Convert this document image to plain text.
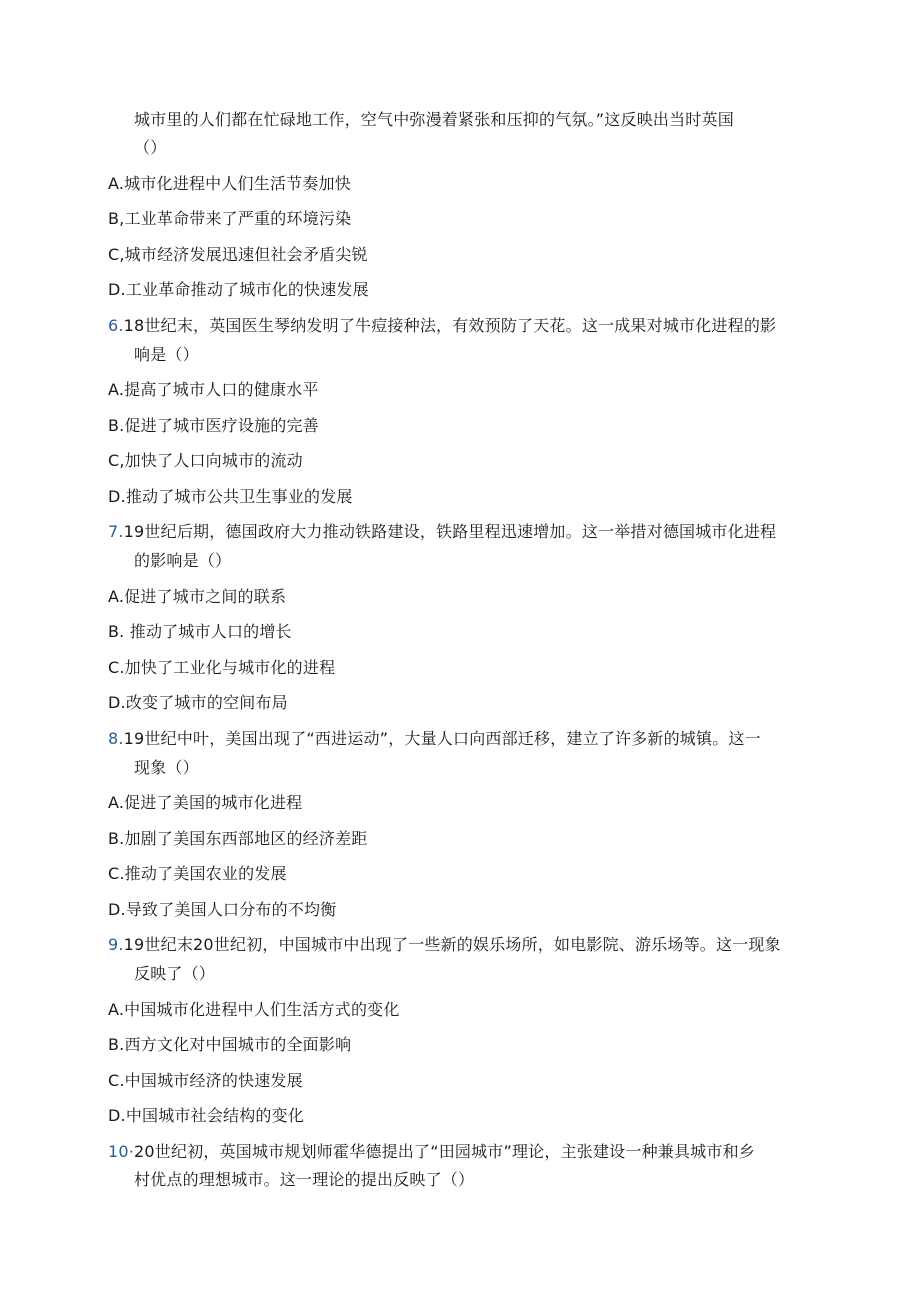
城市里的人们都在忙碌地工作，空气中弥漫着紧张和压抑的气氛。”这反映出当时英国
（）
A.城市化进程中人们生活节奏加快
B,工业革命带来了严重的环境污染
C,城市经济发展迅速但社会矛盾尖锐
D.工业革命推动了城市化的快速发展
6.18世纪末，英国医生琴纳发明了牛痘接种法，有效预防了天花。这一成果对城市化进程的影
响是（）
A.提高了城市人口的健康水平
B.促进了城市医疗设施的完善
C,加快了人口向城市的流动
D.推动了城市公共卫生事业的发展
7.19世纪后期，德国政府大力推动铁路建设，铁路里程迅速增加。这一举措对德国城市化进程
的影响是（）
A.促进了城市之间的联系
B. 推动了城市人口的增长
C.加快了工业化与城市化的进程
D.改变了城市的空间布局
8.19世纪中叶，美国出现了“西进运动”，大量人口向西部迁移，建立了许多新的城镇。这一
现象（）
A.促进了美国的城市化进程
B.加剧了美国东西部地区的经济差距
C.推动了美国农业的发展
D.导致了美国人口分布的不均衡
9.19世纪末20世纪初，中国城市中出现了一些新的娱乐场所，如电影院、游乐场等。这一现象
反映了（）
A.中国城市化进程中人们生活方式的变化
B.西方文化对中国城市的全面影响
C.中国城市经济的快速发展
D.中国城市社会结构的变化
10·20世纪初，英国城市规划师霍华德提出了“田园城市”理论，主张建设一种兼具城市和乡
村优点的理想城市。这一理论的提出反映了（）
